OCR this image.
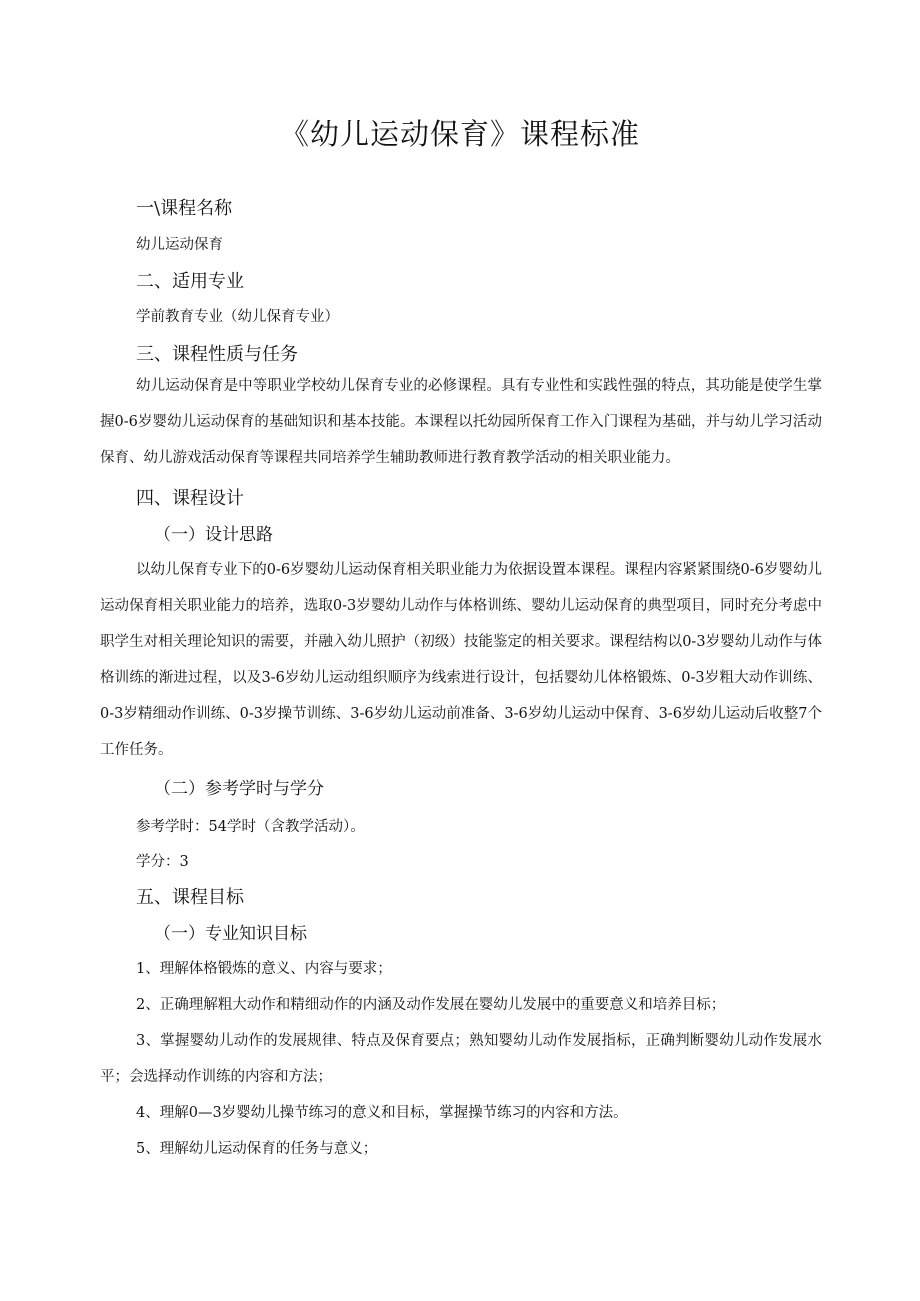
《幼儿运动保育》课程标准
一\课程名称
幼儿运动保育
二、适用专业
学前教育专业（幼儿保育专业）
三、课程性质与任务
幼儿运动保育是中等职业学校幼儿保育专业的必修课程。具有专业性和实践性强的特点，其功能是使学生掌握0-6岁婴幼儿运动保育的基础知识和基本技能。本课程以托幼园所保育工作入门课程为基础，并与幼儿学习活动保育、幼儿游戏活动保育等课程共同培养学生辅助教师进行教育教学活动的相关职业能力。
四、课程设计
（一）设计思路
以幼儿保育专业下的0-6岁婴幼儿运动保育相关职业能力为依据设置本课程。课程内容紧紧围绕0-6岁婴幼儿运动保育相关职业能力的培养，选取0-3岁婴幼儿动作与体格训练、婴幼儿运动保育的典型项目，同时充分考虑中职学生对相关理论知识的需要，并融入幼儿照护（初级）技能鉴定的相关要求。课程结构以0-3岁婴幼儿动作与体格训练的渐进过程，以及3-6岁幼儿运动组织顺序为线索进行设计，包括婴幼儿体格锻炼、0-3岁粗大动作训练、0-3岁精细动作训练、0-3岁操节训练、3-6岁幼儿运动前准备、3-6岁幼儿运动中保育、3-6岁幼儿运动后收整7个工作任务。
（二）参考学时与学分
参考学时：54学时（含教学活动）。
学分：3
五、课程目标
（一）专业知识目标
1、理解体格锻炼的意义、内容与要求；
2、正确理解粗大动作和精细动作的内涵及动作发展在婴幼儿发展中的重要意义和培养目标；
3、掌握婴幼儿动作的发展规律、特点及保育要点；熟知婴幼儿动作发展指标，正确判断婴幼儿动作发展水平；会选择动作训练的内容和方法；
4、理解0—3岁婴幼儿操节练习的意义和目标，掌握操节练习的内容和方法。
5、理解幼儿运动保育的任务与意义；
